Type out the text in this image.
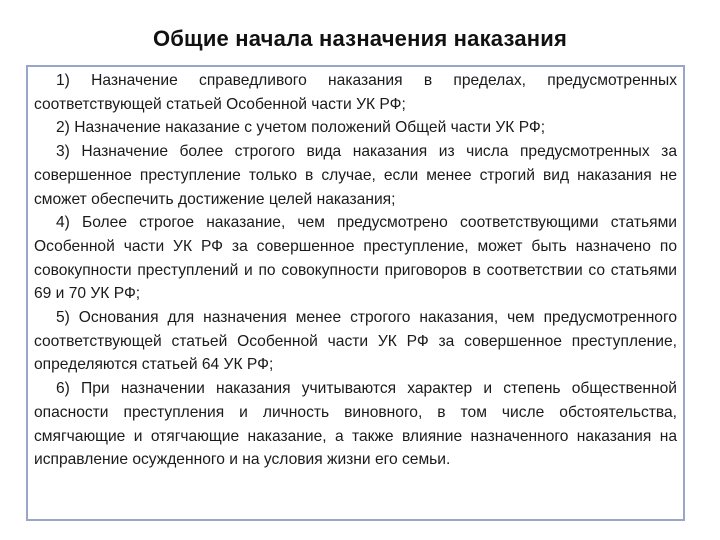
Общие начала назначения наказания

1) Назначение справедливого наказания в пределах, предусмотренных соответствующей статьей Особенной части УК РФ;

2) Назначение наказание с учетом положений Общей части УК РФ;

3) Назначение более строгого вида наказания из числа предусмотренных за совершенное преступление только в случае, если менее строгий вид наказания не сможет обеспечить достижение целей наказания;

4) Более строгое наказание, чем предусмотрено соответствующими статьями Особенной части УК РФ за совершенное преступление, может быть назначено по совокупности преступлений и по совокупности приговоров в соответствии со статьями 69 и 70 УК РФ;

5) Основания для назначения менее строгого наказания, чем предусмотренного соответствующей статьей Особенной части УК РФ за совершенное преступление, определяются статьей 64 УК РФ;

6) При назначении наказания учитываются характер и степень общественной опасности преступления и личность виновного, в том числе обстоятельства, смягчающие и отягчающие наказание, а также влияние назначенного наказания на исправление осужденного и на условия жизни его семьи.
